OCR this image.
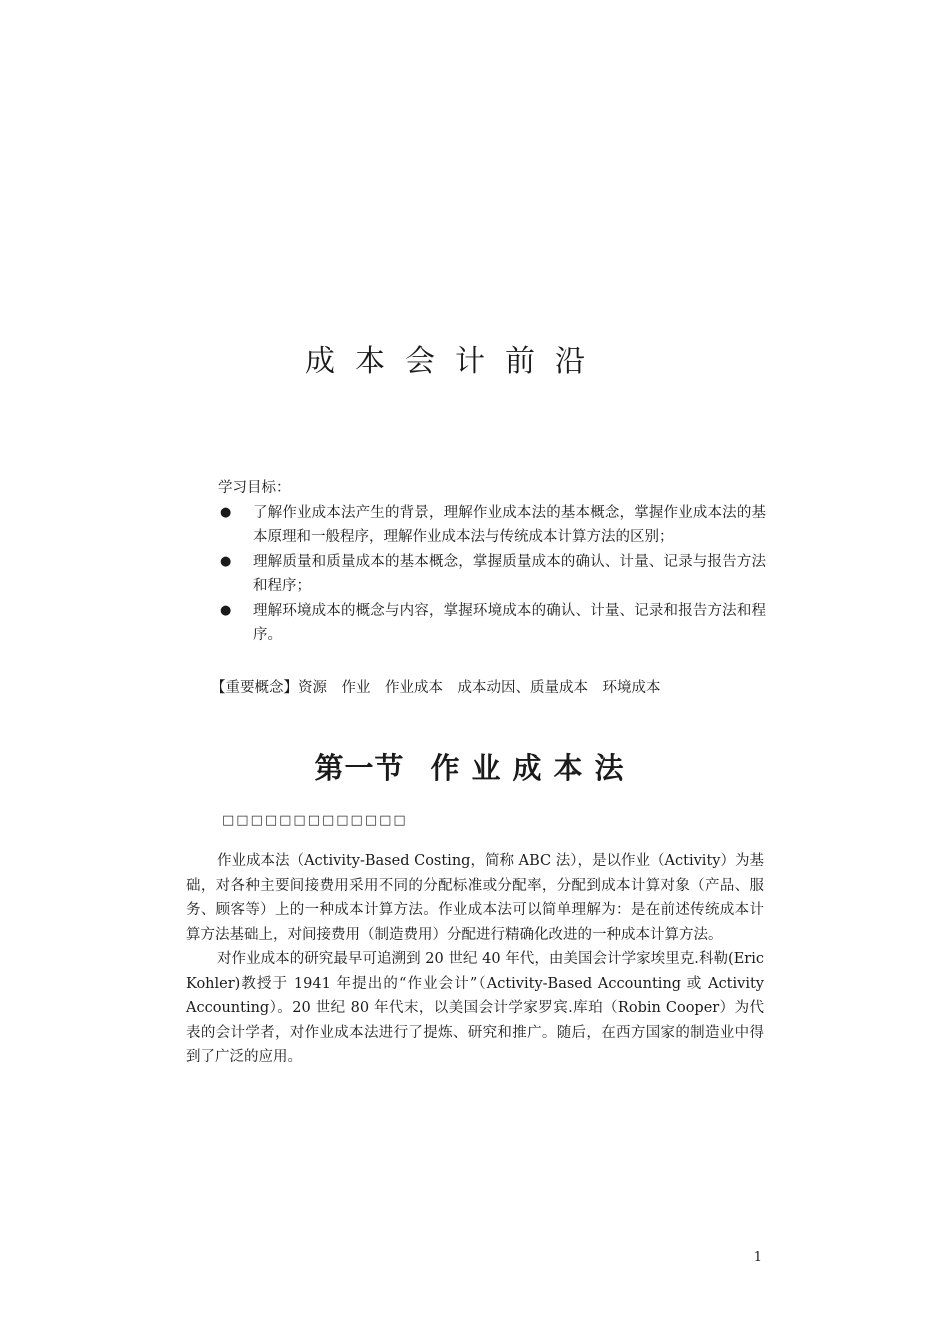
成本会计前沿
学习目标：
● 了解作业成本法产生的背景，理解作业成本法的基本概念，掌握作业成本法的基本原理和一般程序，理解作业成本法与传统成本计算方法的区别；
● 理解质量和质量成本的基本概念，掌握质量成本的确认、计量、记录与报告方法和程序；
● 理解环境成本的概念与内容，掌握环境成本的确认、计量、记录和报告方法和程序。
【重要概念】资源　作业　作业成本　成本动因、质量成本　环境成本
第一节 作业成本法
□□□□□□□□□□□□□

作业成本法（Activity-Based Costing，简称 ABC 法），是以作业（Activity）为基础，对各种主要间接费用采用不同的分配标准或分配率，分配到成本计算对象（产品、服务、顾客等）上的一种成本计算方法。作业成本法可以简单理解为：是在前述传统成本计算方法基础上，对间接费用（制造费用）分配进行精确化改进的一种成本计算方法。

对作业成本的研究最早可追溯到 20 世纪 40 年代，由美国会计学家埃里克.科勒(Eric Kohler)教授于 1941 年提出的“作业会计”（Activity-Based Accounting 或 Activity Accounting）。20 世纪 80 年代末，以美国会计学家罗宾.库珀（Robin Cooper）为代表的会计学者，对作业成本法进行了提炼、研究和推广。随后，在西方国家的制造业中得到了广泛的应用。

1
